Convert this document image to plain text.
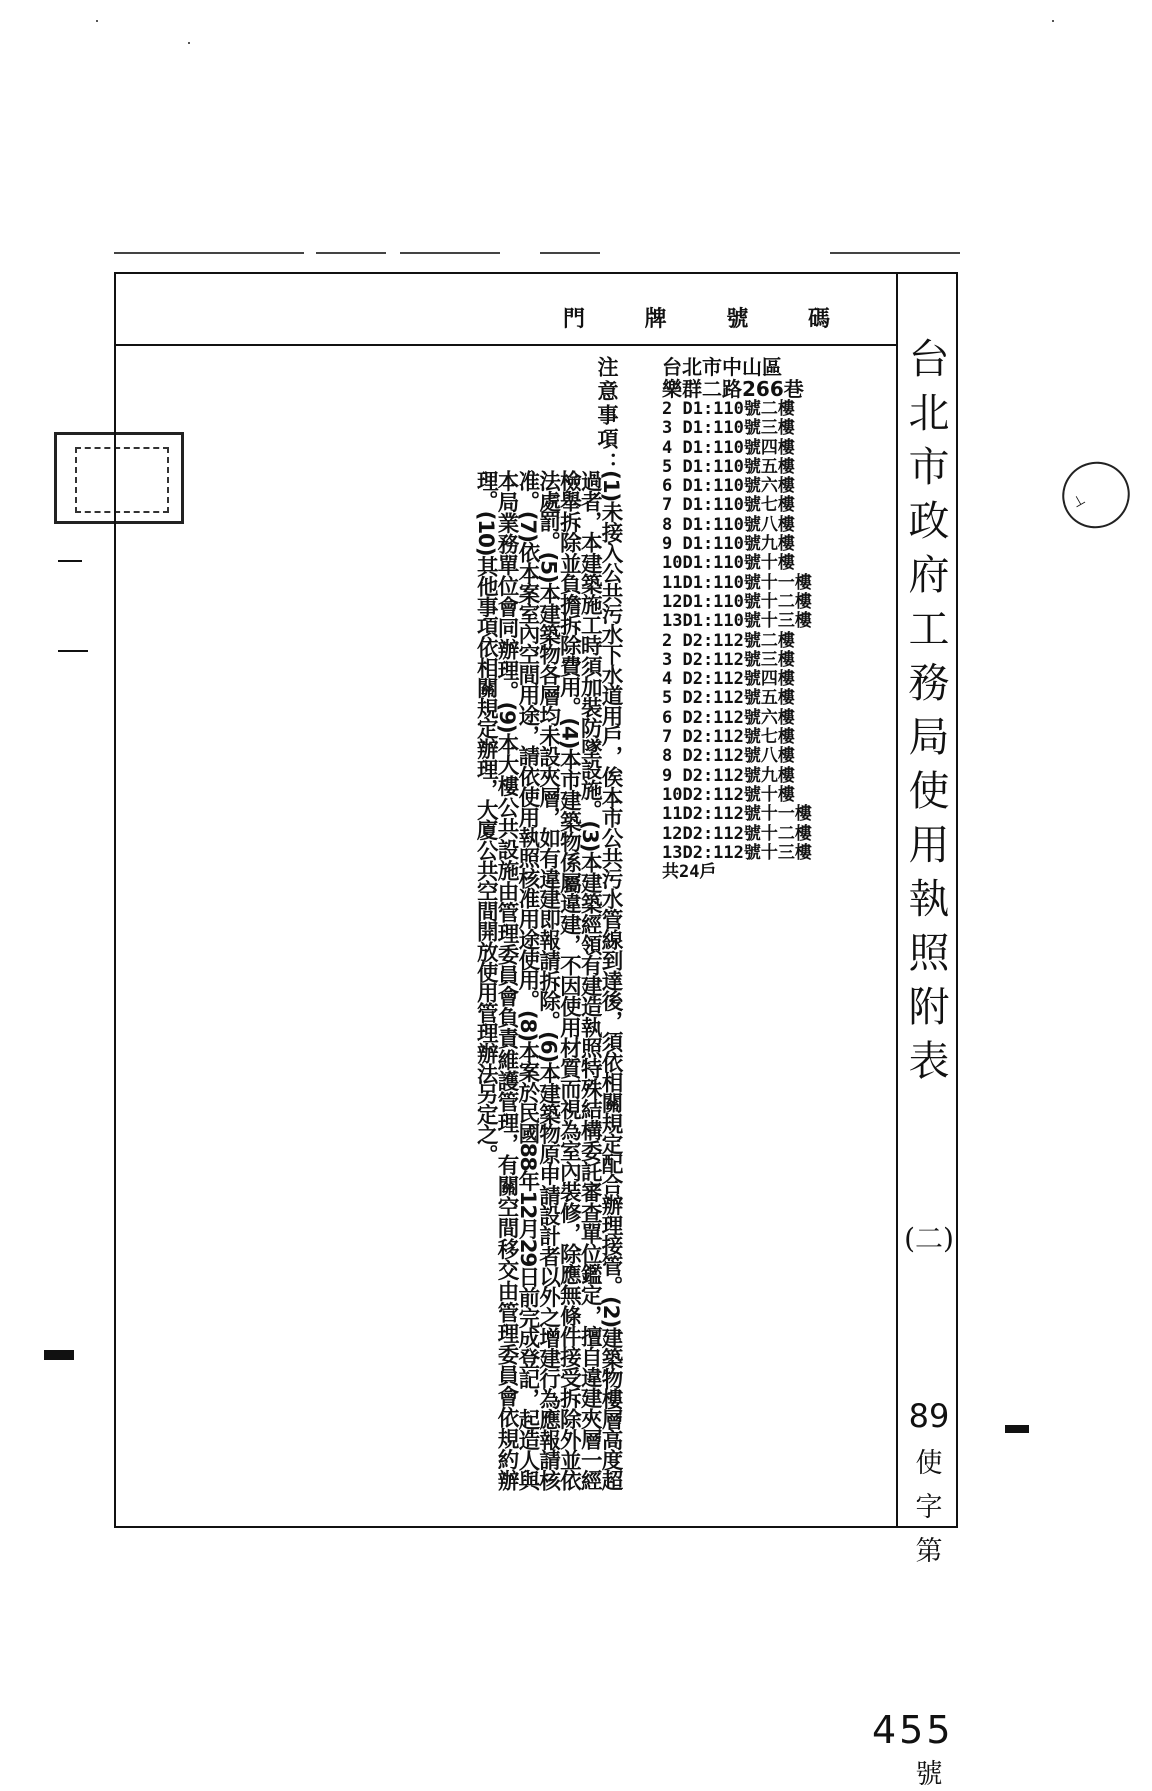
⊥
門 牌 號 碼
台
北
市
政
府
工
務
局
使
用
執
照
附
表
(二)
89
使
字
第
號
455
台北市中山區
樂群二路266巷
2 D1:110號二樓
3 D1:110號三樓
4 D1:110號四樓
5 D1:110號五樓
6 D1:110號六樓
7 D1:110號七樓
8 D1:110號八樓
9 D1:110號九樓
10D1:110號十樓
11D1:110號十一樓
12D1:110號十二樓
13D1:110號十三樓
2 D2:112號二樓
3 D2:112號三樓
4 D2:112號四樓
5 D2:112號五樓
6 D2:112號六樓
7 D2:112號七樓
8 D2:112號八樓
9 D2:112號九樓
10D2:112號十樓
11D2:112號十一樓
12D2:112號十二樓
13D2:112號十三樓
共24戶
注意事項：
(1)未接入公共污水下水道用戶，俟本市公共污水管線到達後，須依相關規定配合辦理接管。(2)建築物樓層高度超過者，本建築施工時須加裝防墜設施。(3)本建築經領有建造執照特殊結構委託審查單位鑑定，擅自違建夾層一經檢舉拆除並負擔拆除費用。(4)本市建築物係屬違建，不因使用材質而視為室內裝修，除應無條件接受拆除外並依法處罰。(5)本建築物各層均未設夾層，如有違建即報請拆除。(6)本建築物原申請設計者以外之增建行為應報請核准。(7)依本案室內空間用途，請依使用執照核准用途使用。(8)本案於民國88年12月29日前完成登記，起造人與本局業務單位會同辦理。(9)本大樓公共設施由管理委員會負責維護管理，有關空間移交由管理委員會依規約辦理。(10)其他事項依相關規定辦理，大廈公共空間開放使用管理辦法另定之。
